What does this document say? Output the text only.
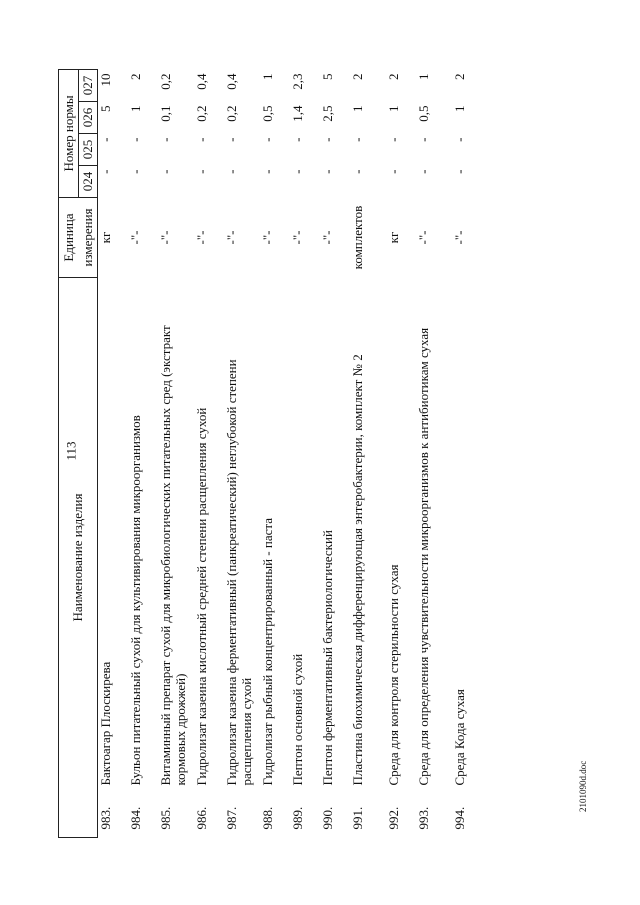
113
2101090d.doc
Наименование изделия	Единица	Номер нормы			
	измерения	024	025	026	027
983.Бактоагар Плоскирева	кг	-	-	5	10
984.Бульон питательный сухой для культивирования микроорганизмов	-"-	-	-	1	2
985.Витаминный препарат сухой для микробиологических питательных сред (экстракт кормовых дрожжей)	-"-	-	-	0,1	0,2
986.Гидролизат казеина кислотный средней степени расщепления сухой	-"-	-	-	0,2	0,4
987.Гидролизат казеина ферментативный (панкреатический) неглубокой степени расщепления сухой	-"-	-	-	0,2	0,4
988.Гидролизат рыбный концентрированный - паста	-"-	-	-	0,5	1
989.Пептон основной сухой	-"-	-	-	1,4	2,3
990.Пептон ферментативный бактериологический	-"-	-	-	2,5	5
991.Пластина биохимическая дифференцирующая энтеробактерии, комплект № 2	комплектов	-	-	1	2
992.Среда для контроля стерильности сухая	кг	-	-	1	2
993.Среда для определения чувствительности микроорганизмов к антибиотикам сухая	-"-	-	-	0,5	1
994.Среда Кода сухая	-"-	-	-	1	2
